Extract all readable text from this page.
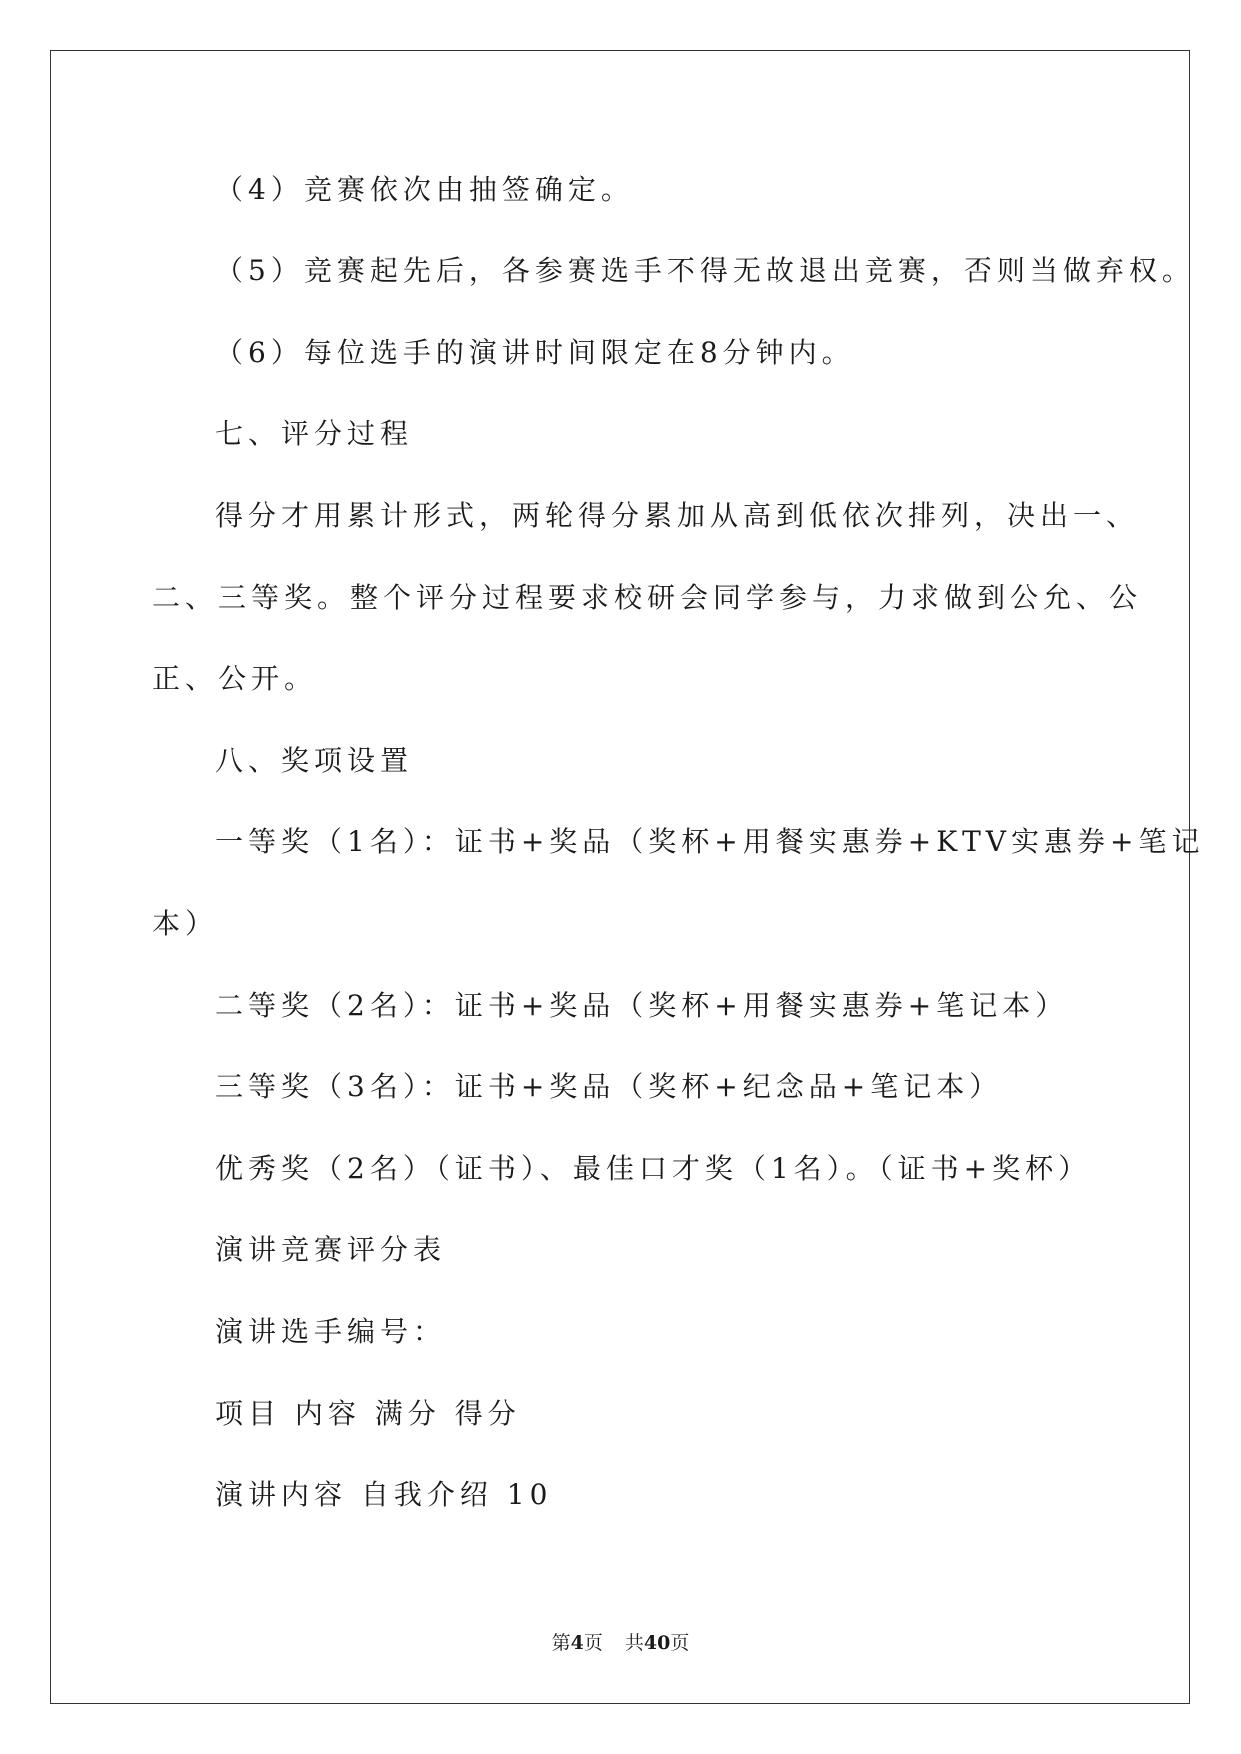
（4）竞赛依次由抽签确定。
（5）竞赛起先后，各参赛选手不得无故退出竞赛，否则当做弃权。
（6）每位选手的演讲时间限定在8分钟内。
七、评分过程
得分才用累计形式，两轮得分累加从高到低依次排列，决出一、
二、三等奖。整个评分过程要求校研会同学参与，力求做到公允、公
正、公开。
八、奖项设置
一等奖（1名）：证书+奖品（奖杯+用餐实惠券+KTV实惠券+笔记
本）
二等奖（2名）：证书+奖品（奖杯+用餐实惠券+笔记本）
三等奖（3名）：证书+奖品（奖杯+纪念品+笔记本）
优秀奖（2名）（证书）、最佳口才奖（1名）。（证书+奖杯）
演讲竞赛评分表
演讲选手编号：
项目 内容 满分 得分
演讲内容 自我介绍 10
第4页 共40页
